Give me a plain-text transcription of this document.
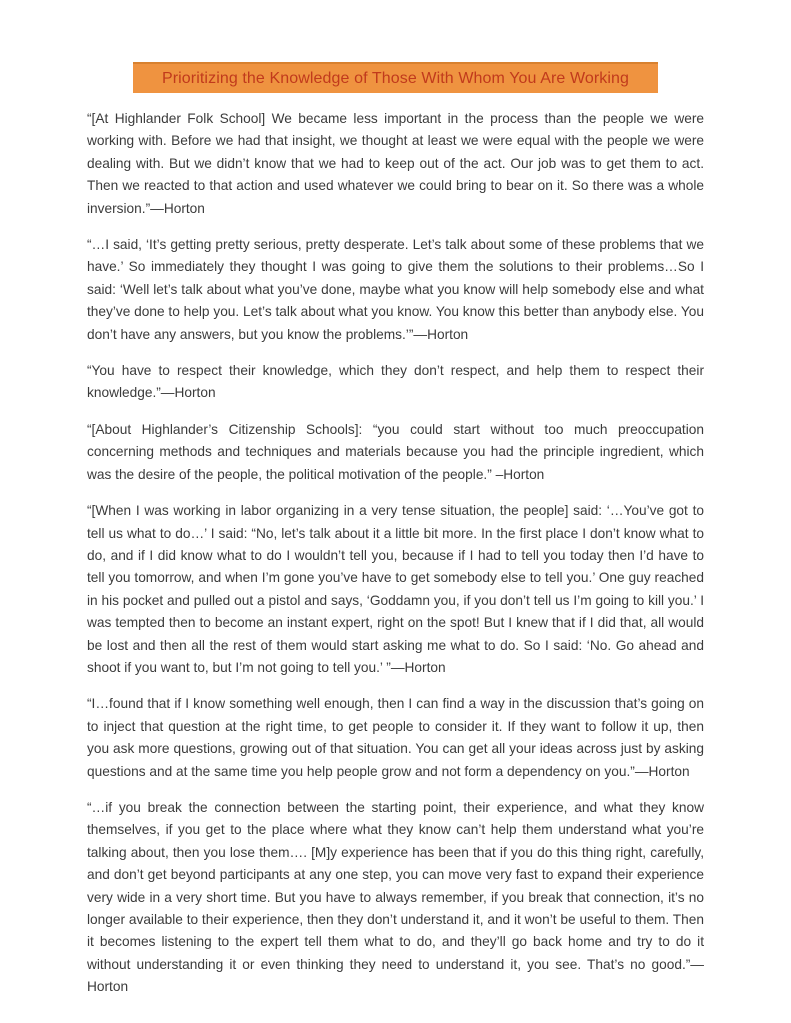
Prioritizing the Knowledge of Those With Whom You Are Working

“[At Highlander Folk School] We became less important in the process than the people we were working with. Before we had that insight, we thought at least we were equal with the people we were dealing with. But we didn’t know that we had to keep out of the act. Our job was to get them to act. Then we reacted to that action and used whatever we could bring to bear on it. So there was a whole inversion.”—Horton

“…I said, ‘It’s getting pretty serious, pretty desperate. Let’s talk about some of these problems that we have.’ So immediately they thought I was going to give them the solutions to their problems…So I said: ‘Well let’s talk about what you’ve done, maybe what you know will help somebody else and what they’ve done to help you. Let’s talk about what you know. You know this better than anybody else. You don’t have any answers, but you know the problems.’”—Horton

“You have to respect their knowledge, which they don’t respect, and help them to respect their knowledge.”—Horton

“[About Highlander’s Citizenship Schools]: “you could start without too much preoccupation concerning methods and techniques and materials because you had the principle ingredient, which was the desire of the people, the political motivation of the people.” –Horton

“[When I was working in labor organizing in a very tense situation, the people] said: ‘…You’ve got to tell us what to do…’ I said: “No, let’s talk about it a little bit more. In the first place I don’t know what to do, and if I did know what to do I wouldn’t tell you, because if I had to tell you today then I’d have to tell you tomorrow, and when I’m gone you’ve have to get somebody else to tell you.’ One guy reached in his pocket and pulled out a pistol and says, ‘Goddamn you, if you don’t tell us I’m going to kill you.’ I was tempted then to become an instant expert, right on the spot! But I knew that if I did that, all would be lost and then all the rest of them would start asking me what to do. So I said: ‘No. Go ahead and shoot if you want to, but I’m not going to tell you.’ ”—Horton

“I…found that if I know something well enough, then I can find a way in the discussion that’s going on to inject that question at the right time, to get people to consider it. If they want to follow it up, then you ask more questions, growing out of that situation. You can get all your ideas across just by asking questions and at the same time you help people grow and not form a dependency on you.”—Horton

“…if you break the connection between the starting point, their experience, and what they know themselves, if you get to the place where what they know can’t help them understand what you’re talking about, then you lose them…. [M]y experience has been that if you do this thing right, carefully, and don’t get beyond participants at any one step, you can move very fast to expand their experience very wide in a very short time. But you have to always remember, if you break that connection, it’s no longer available to their experience, then they don’t understand it, and it won’t be useful to them. Then it becomes listening to the expert tell them what to do, and they’ll go back home and try to do it without understanding it or even thinking they need to understand it, you see. That’s no good.”—Horton
